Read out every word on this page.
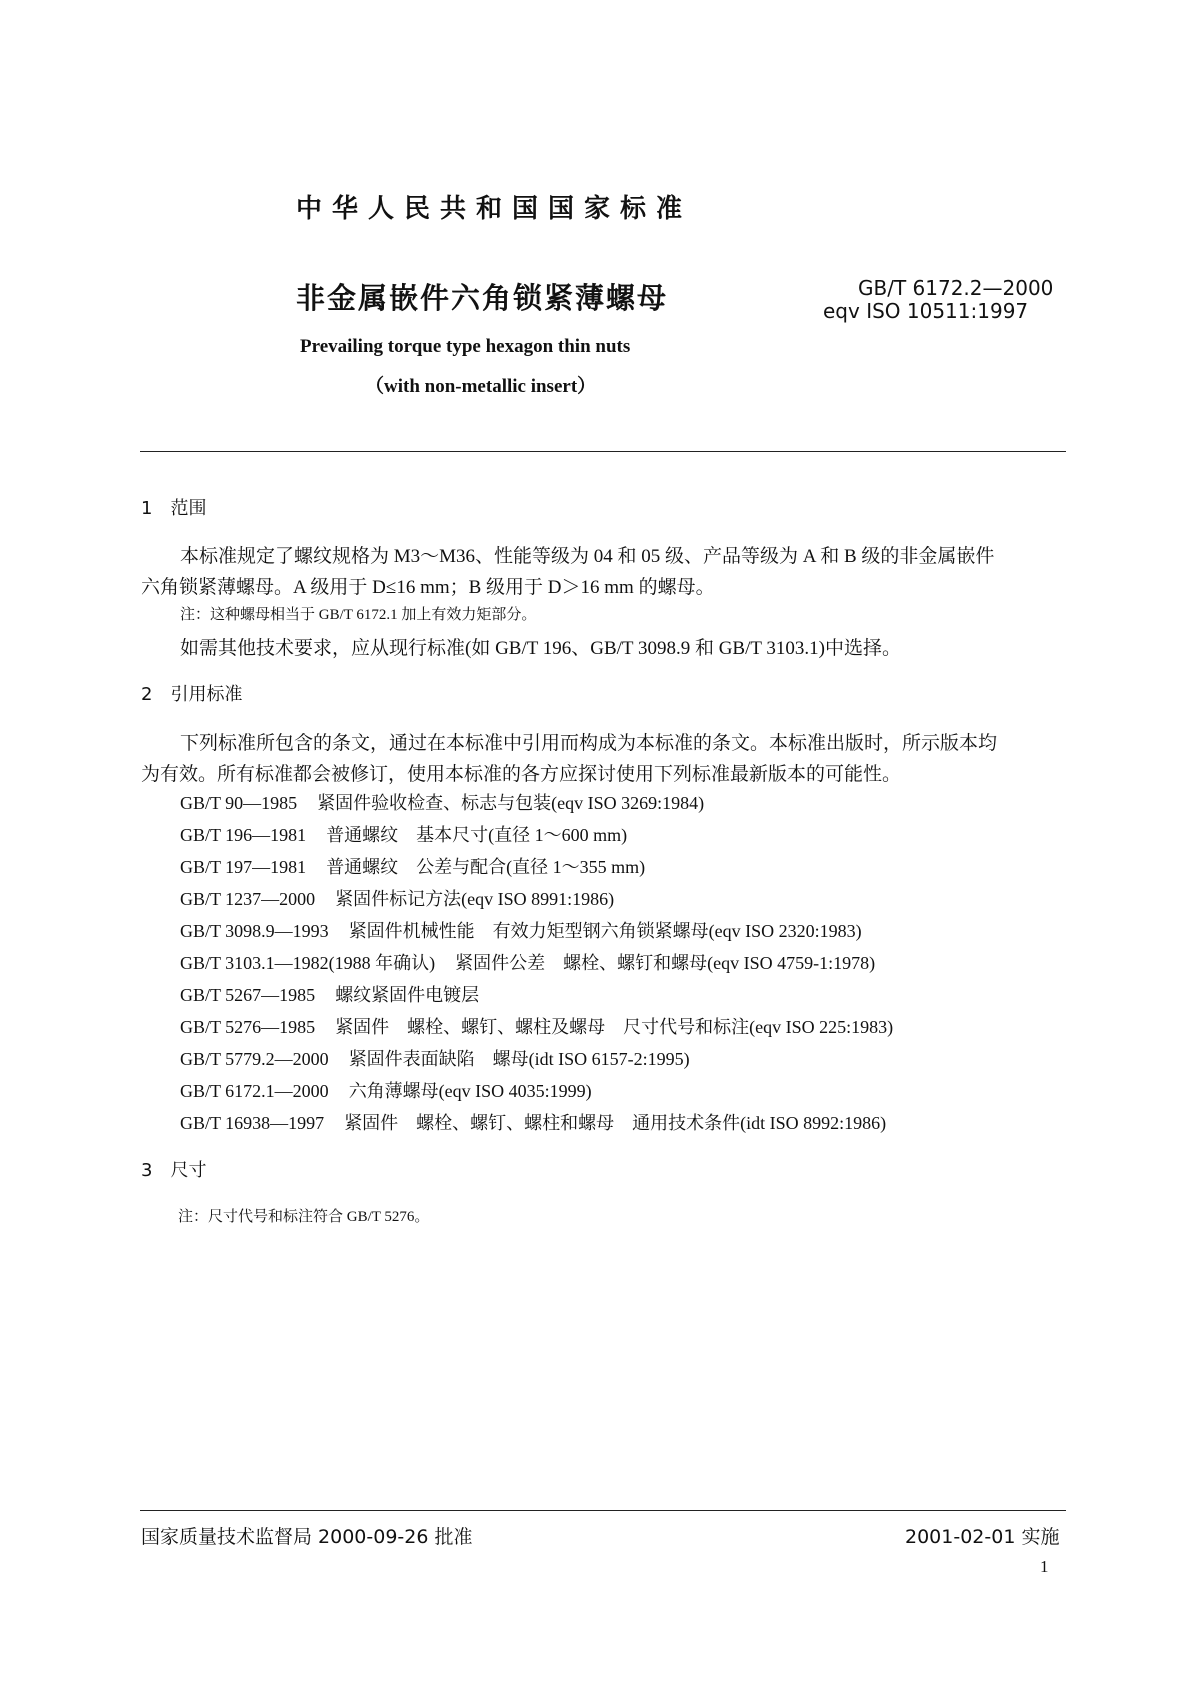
中华人民共和国国家标准
非金属嵌件六角锁紧薄螺母	GB/T 6172.2—2000
eqv ISO 10511:1997
Prevailing torque type hexagon thin nuts
（with non-metallic insert）
1　范围
本标准规定了螺纹规格为 M3～M36、性能等级为 04 和 05 级、产品等级为 A 和 B 级的非金属嵌件
六角锁紧薄螺母。A 级用于 D≤16 mm；B 级用于 D＞16 mm 的螺母。
注：这种螺母相当于 GB/T 6172.1 加上有效力矩部分。
如需其他技术要求，应从现行标准(如 GB/T 196、GB/T 3098.9 和 GB/T 3103.1)中选择。
2　引用标准
下列标准所包含的条文，通过在本标准中引用而构成为本标准的条文。本标准出版时，所示版本均
为有效。所有标准都会被修订，使用本标准的各方应探讨使用下列标准最新版本的可能性。
GB/T 90—1985 紧固件验收检查、标志与包装(eqv ISO 3269:1984)
GB/T 196—1981 普通螺纹　基本尺寸(直径 1～600 mm)
GB/T 197—1981 普通螺纹　公差与配合(直径 1～355 mm)
GB/T 1237—2000 紧固件标记方法(eqv ISO 8991:1986)
GB/T 3098.9—1993 紧固件机械性能　有效力矩型钢六角锁紧螺母(eqv ISO 2320:1983)
GB/T 3103.1—1982(1988 年确认) 紧固件公差　螺栓、螺钉和螺母(eqv ISO 4759-1:1978)
GB/T 5267—1985 螺纹紧固件电镀层
GB/T 5276—1985 紧固件　螺栓、螺钉、螺柱及螺母　尺寸代号和标注(eqv ISO 225:1983)
GB/T 5779.2—2000 紧固件表面缺陷　螺母(idt ISO 6157-2:1995)
GB/T 6172.1—2000 六角薄螺母(eqv ISO 4035:1999)
GB/T 16938—1997 紧固件　螺栓、螺钉、螺柱和螺母　通用技术条件(idt ISO 8992:1986)
3　尺寸
注：尺寸代号和标注符合 GB/T 5276。
国家质量技术监督局 2000-09-26 批准	2001-02-01 实施
1
